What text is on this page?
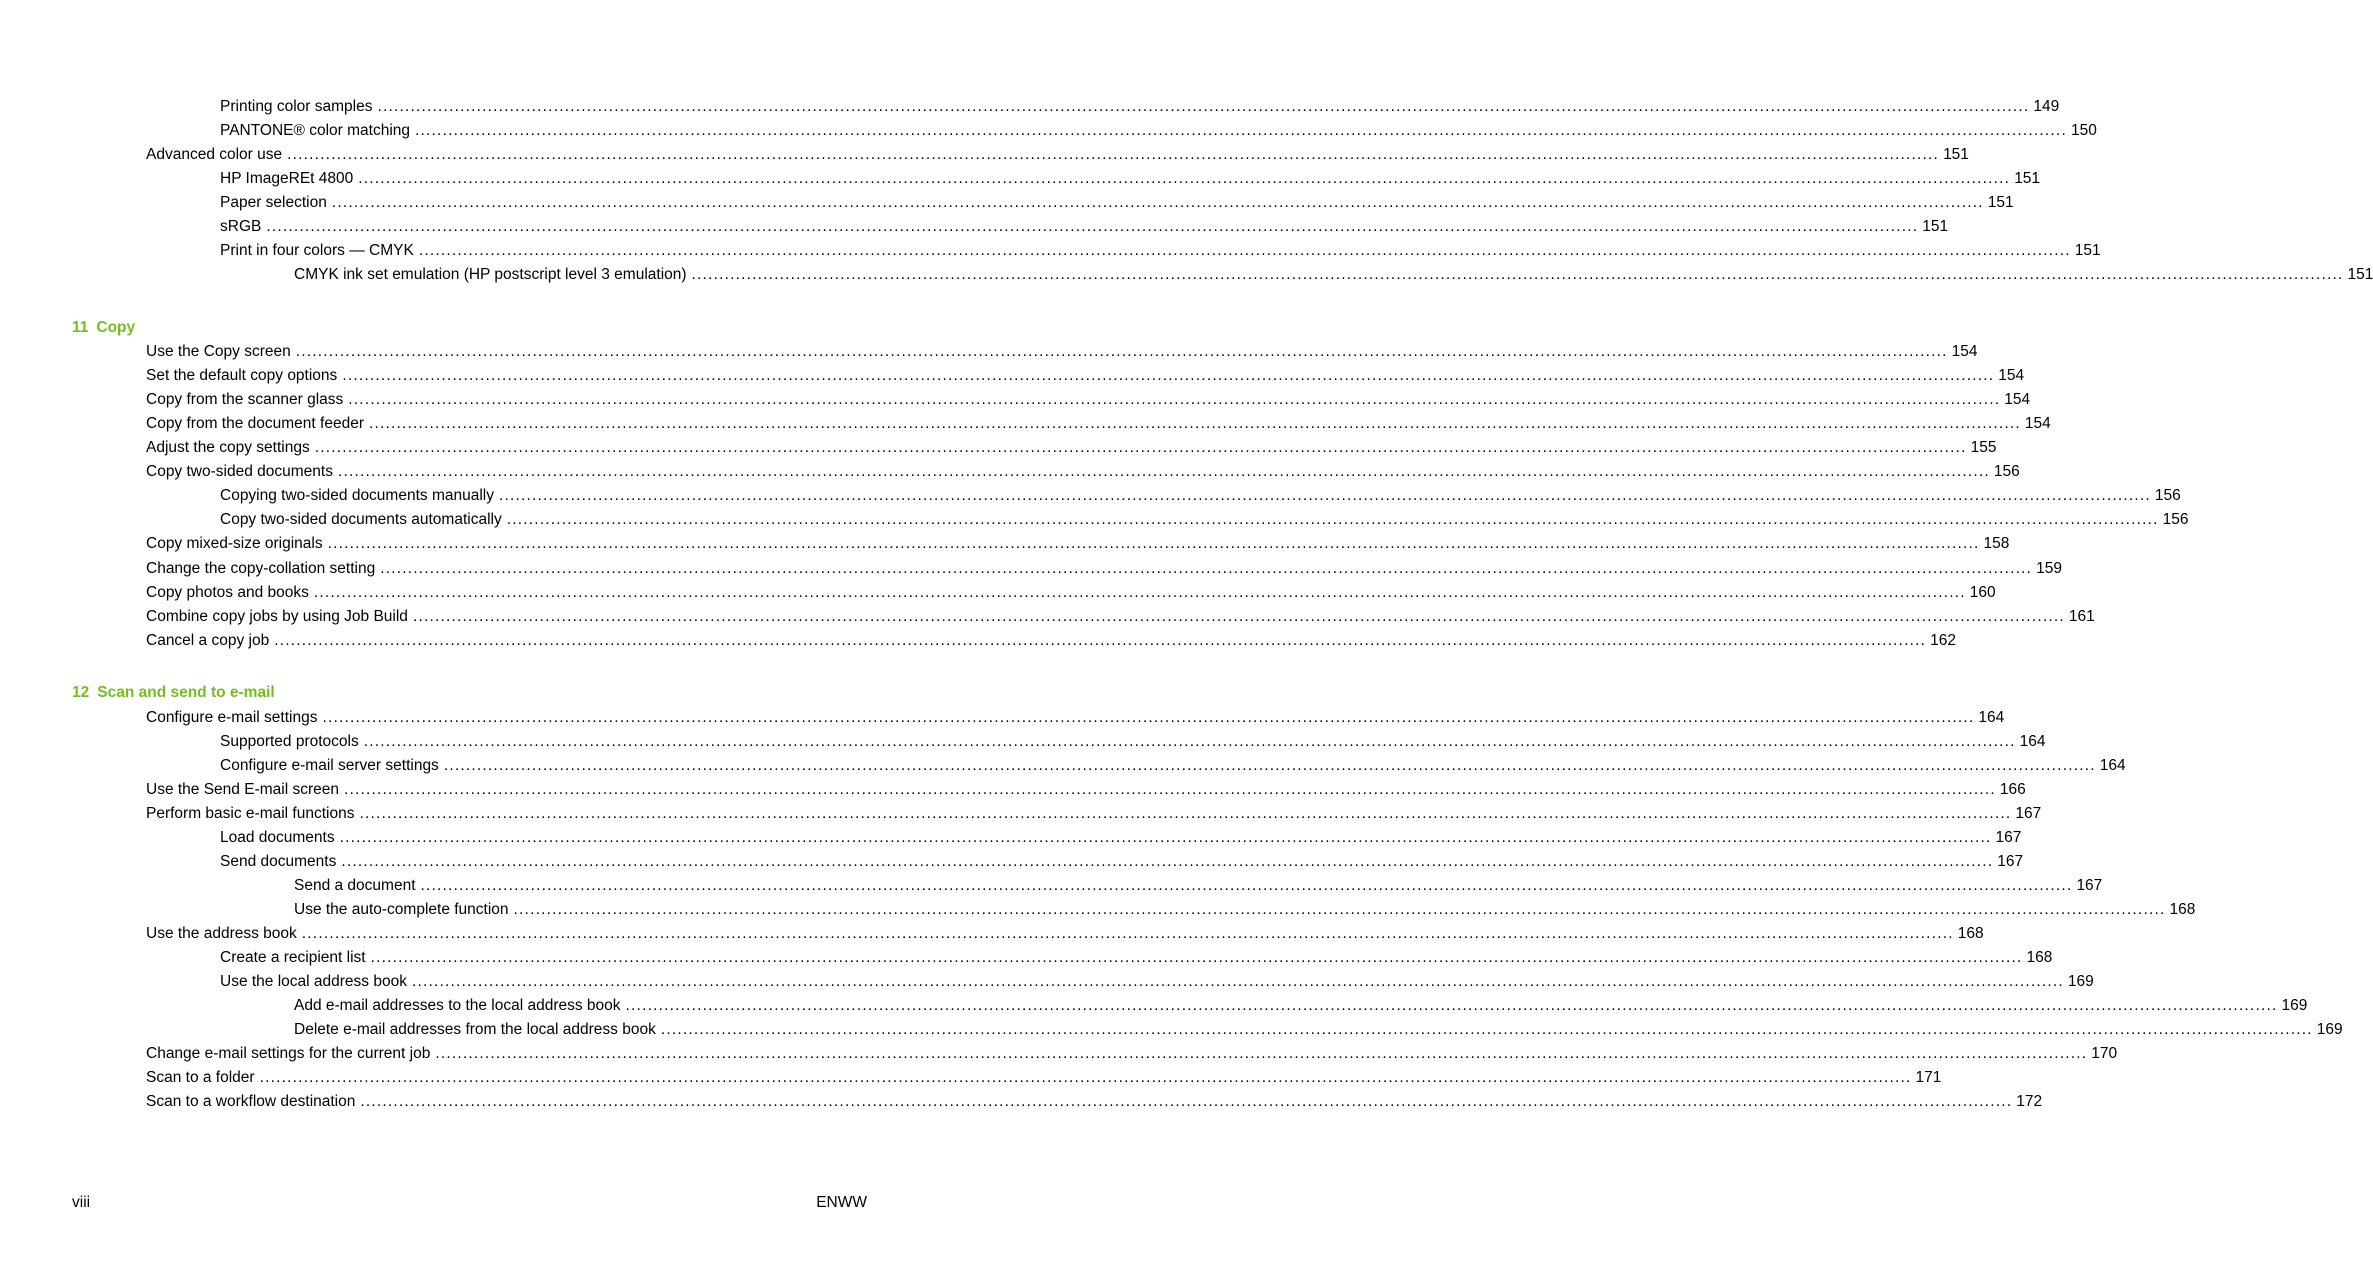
Printing color samples ............................................................................................................................................................................................................................................................................................................ 149
PANTONE® color matching ............................................................................................................................................................................................................................................................................................................ 150
Advanced color use ............................................................................................................................................................................................................................................................................................................ 151
HP ImageREt 4800 ............................................................................................................................................................................................................................................................................................................ 151
Paper selection ............................................................................................................................................................................................................................................................................................................ 151
sRGB ............................................................................................................................................................................................................................................................................................................ 151
Print in four colors — CMYK ............................................................................................................................................................................................................................................................................................................ 151
CMYK ink set emulation (HP postscript level 3 emulation) ............................................................................................................................................................................................................................................................................................................ 151
11 Copy
Use the Copy screen ............................................................................................................................................................................................................................................................................................................ 154
Set the default copy options ............................................................................................................................................................................................................................................................................................................ 154
Copy from the scanner glass ............................................................................................................................................................................................................................................................................................................ 154
Copy from the document feeder ............................................................................................................................................................................................................................................................................................................ 154
Adjust the copy settings ............................................................................................................................................................................................................................................................................................................ 155
Copy two-sided documents ............................................................................................................................................................................................................................................................................................................ 156
Copying two-sided documents manually ............................................................................................................................................................................................................................................................................................................ 156
Copy two-sided documents automatically ............................................................................................................................................................................................................................................................................................................ 156
Copy mixed-size originals ............................................................................................................................................................................................................................................................................................................ 158
Change the copy-collation setting ............................................................................................................................................................................................................................................................................................................ 159
Copy photos and books ............................................................................................................................................................................................................................................................................................................ 160
Combine copy jobs by using Job Build ............................................................................................................................................................................................................................................................................................................ 161
Cancel a copy job ............................................................................................................................................................................................................................................................................................................ 162
12 Scan and send to e-mail
Configure e-mail settings ............................................................................................................................................................................................................................................................................................................ 164
Supported protocols ............................................................................................................................................................................................................................................................................................................ 164
Configure e-mail server settings ............................................................................................................................................................................................................................................................................................................ 164
Use the Send E-mail screen ............................................................................................................................................................................................................................................................................................................ 166
Perform basic e-mail functions ............................................................................................................................................................................................................................................................................................................ 167
Load documents ............................................................................................................................................................................................................................................................................................................ 167
Send documents ............................................................................................................................................................................................................................................................................................................ 167
Send a document ............................................................................................................................................................................................................................................................................................................ 167
Use the auto-complete function ............................................................................................................................................................................................................................................................................................................ 168
Use the address book ............................................................................................................................................................................................................................................................................................................ 168
Create a recipient list ............................................................................................................................................................................................................................................................................................................ 168
Use the local address book ............................................................................................................................................................................................................................................................................................................ 169
Add e-mail addresses to the local address book ............................................................................................................................................................................................................................................................................................................ 169
Delete e-mail addresses from the local address book ............................................................................................................................................................................................................................................................................................................ 169
Change e-mail settings for the current job ............................................................................................................................................................................................................................................................................................................ 170
Scan to a folder ............................................................................................................................................................................................................................................................................................................ 171
Scan to a workflow destination ............................................................................................................................................................................................................................................................................................................ 172
viii	ENWW
